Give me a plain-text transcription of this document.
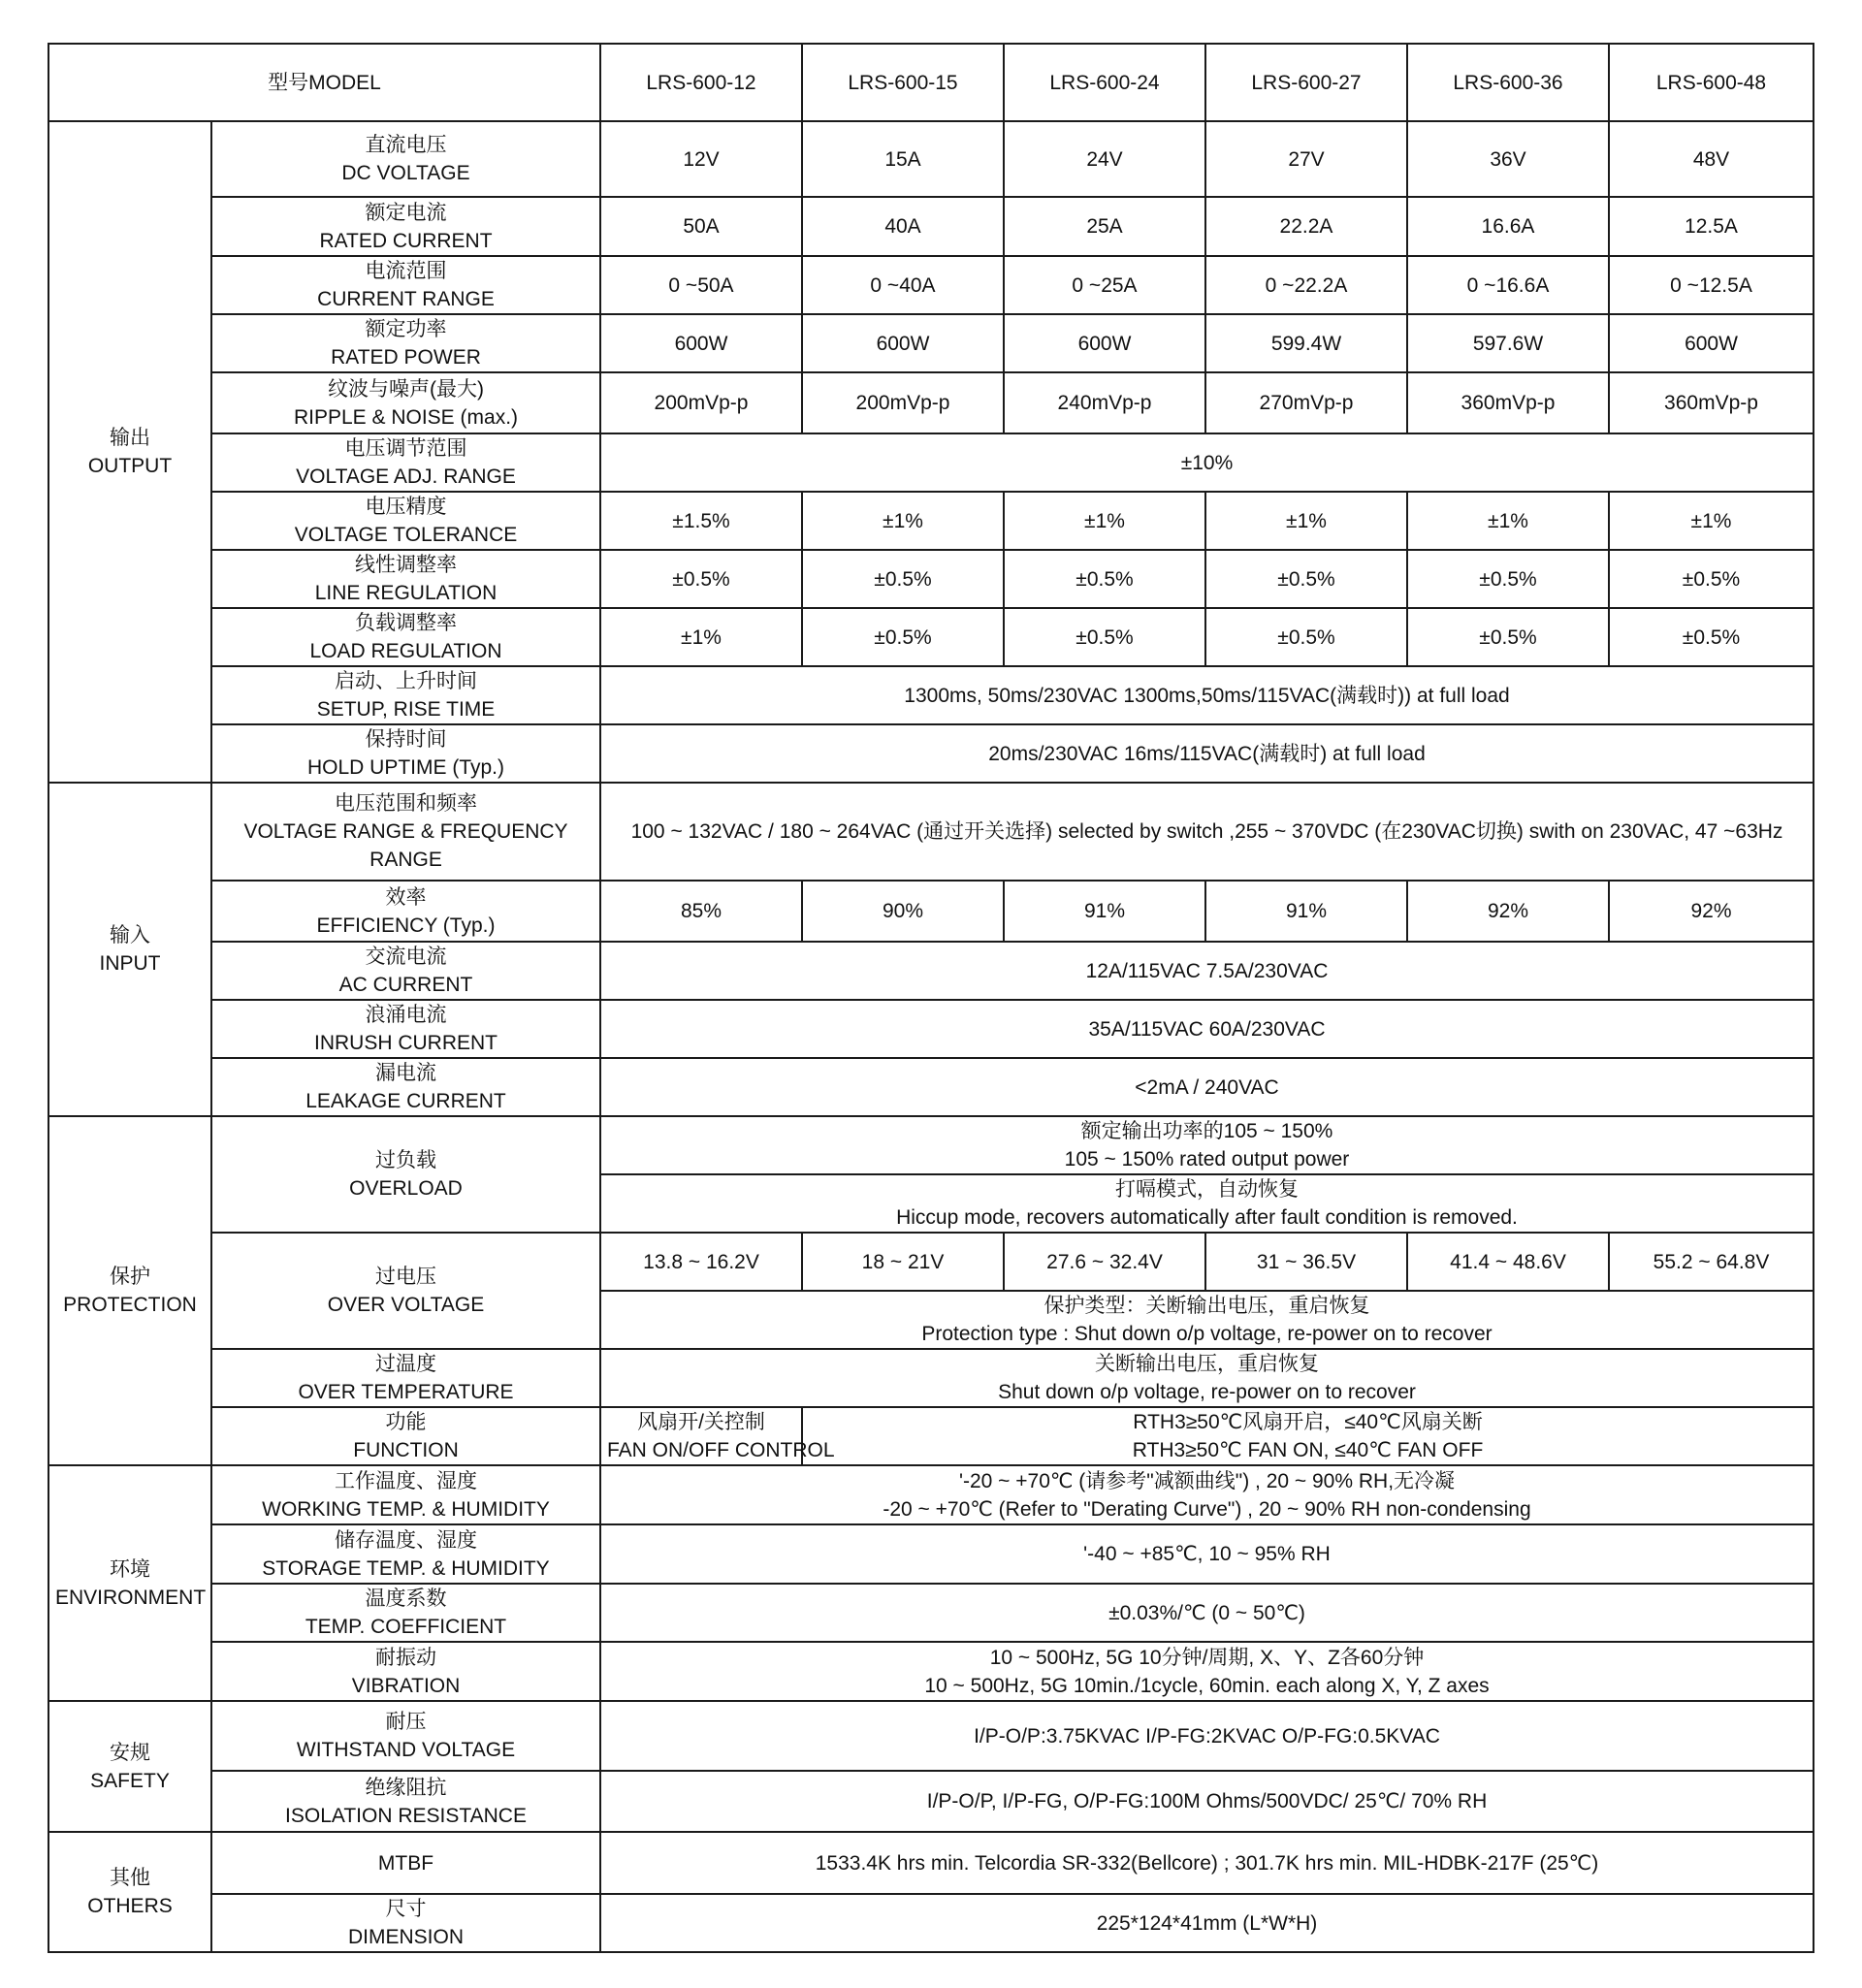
型号MODEL		LRS-600-12	LRS-600-15	LRS-600-24	LRS-600-27	LRS-600-36	LRS-600-48

输出
OUTPUT	直流电压
DC VOLTAGE	12V	15A	24V	27V	36V	48V

	额定电流
RATED CURRENT	50A	40A	25A	22.2A	16.6A	12.5A

	电流范围
CURRENT RANGE	0 ~50A	0 ~40A	0 ~25A	0 ~22.2A	0 ~16.6A	0 ~12.5A

	额定功率
RATED POWER	600W	600W	600W	599.4W	597.6W	600W

	纹波与噪声(最大)
RIPPLE & NOISE (max.)	200mVp-p	200mVp-p	240mVp-p	270mVp-p	360mVp-p	360mVp-p

	电压调节范围
VOLTAGE ADJ. RANGE	±10%					

	电压精度
VOLTAGE TOLERANCE	±1.5%	±1%	±1%	±1%	±1%	±1%

	线性调整率
LINE REGULATION	±0.5%	±0.5%	±0.5%	±0.5%	±0.5%	±0.5%

	负载调整率
LOAD REGULATION	±1%	±0.5%	±0.5%	±0.5%	±0.5%	±0.5%

	启动、上升时间
SETUP, RISE TIME	1300ms, 50ms/230VAC 1300ms,50ms/115VAC(满载时)) at full load					

	保持时间
HOLD UPTIME (Typ.)	20ms/230VAC 16ms/115VAC(满载时) at full load					

输入
INPUT	电压范围和频率
VOLTAGE RANGE & FREQUENCY
RANGE	100 ~ 132VAC / 180 ~ 264VAC (通过开关选择) selected by switch ,255 ~ 370VDC (在230VAC切换) swith on 230VAC, 47 ~63Hz					

	效率
EFFICIENCY (Typ.)	85%	90%	91%	91%	92%	92%

	交流电流
AC CURRENT	12A/115VAC 7.5A/230VAC					

	浪涌电流
INRUSH CURRENT	35A/115VAC 60A/230VAC					

	漏电流
LEAKAGE CURRENT	<2mA / 240VAC					

保护
PROTECTION	过负载
OVERLOAD	额定输出功率的105 ~ 150%
105 ~ 150% rated output power					

		打嗝模式，自动恢复
Hiccup mode, recovers automatically after fault condition is removed.					

	过电压
OVER VOLTAGE	13.8 ~ 16.2V	18 ~ 21V	27.6 ~ 32.4V	31 ~ 36.5V	41.4 ~ 48.6V	55.2 ~ 64.8V

		保护类型：关断输出电压，重启恢复
Protection type : Shut down o/p voltage, re-power on to recover					

	过温度
OVER TEMPERATURE	关断输出电压，重启恢复
Shut down o/p voltage, re-power on to recover					

	功能
FUNCTION	风扇开/关控制
FAN ON/OFF CONTROL	RTH3≥50℃风扇开启，≤40℃风扇关断
RTH3≥50℃ FAN ON, ≤40℃ FAN OFF				

环境
ENVIRONMENT	工作温度、湿度
WORKING TEMP. & HUMIDITY	'-20 ~ +70℃ (请参考"减额曲线") , 20 ~ 90% RH,无冷凝
-20 ~ +70℃ (Refer to "Derating Curve") , 20 ~ 90% RH non-condensing					

	储存温度、湿度
STORAGE TEMP. & HUMIDITY	'-40 ~ +85℃, 10 ~ 95% RH					

	温度系数
TEMP. COEFFICIENT	±0.03%/℃ (0 ~ 50℃)					

	耐振动
VIBRATION	10 ~ 500Hz, 5G 10分钟/周期, X、Y、Z各60分钟
10 ~ 500Hz, 5G 10min./1cycle, 60min. each along X, Y, Z axes					

安规
SAFETY	耐压
WITHSTAND VOLTAGE	I/P-O/P:3.75KVAC I/P-FG:2KVAC O/P-FG:0.5KVAC					

	绝缘阻抗
ISOLATION RESISTANCE	I/P-O/P, I/P-FG, O/P-FG:100M Ohms/500VDC/ 25℃/ 70% RH					

其他
OTHERS	MTBF	1533.4K hrs min. Telcordia SR-332(Bellcore) ; 301.7K hrs min. MIL-HDBK-217F (25℃)					

	尺寸
DIMENSION	225*124*41mm (L*W*H)					
